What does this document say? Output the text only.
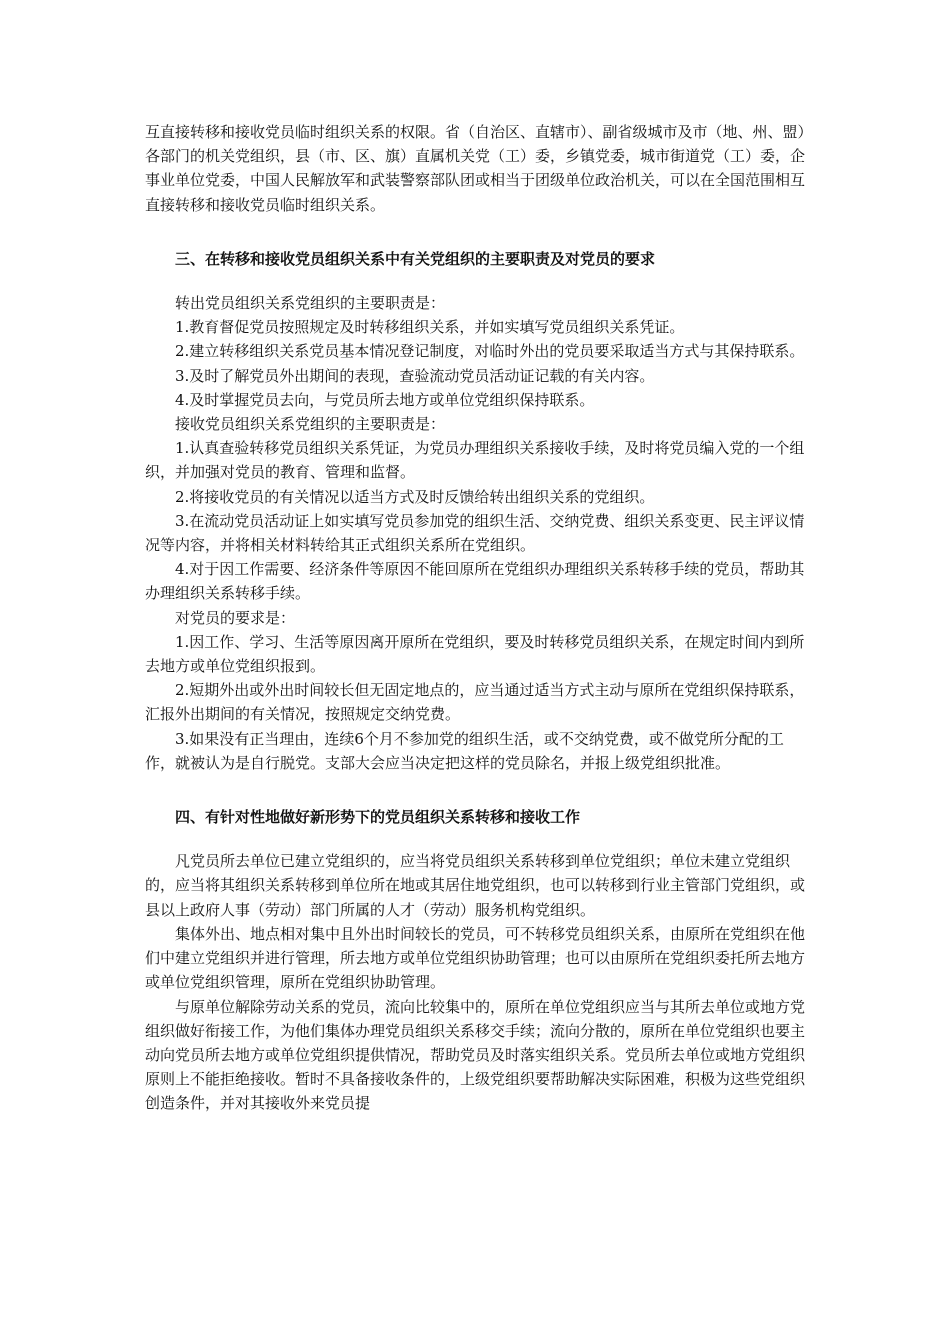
互直接转移和接收党员临时组织关系的权限。省（自治区、直辖市）、副省级城市及市（地、州、盟）各部门的机关党组织，县（市、区、旗）直属机关党（工）委，乡镇党委，城市街道党（工）委，企事业单位党委，中国人民解放军和武装警察部队团或相当于团级单位政治机关，可以在全国范围相互直接转移和接收党员临时组织关系。

三、在转移和接收党员组织关系中有关党组织的主要职责及对党员的要求

转出党员组织关系党组织的主要职责是：

1.教育督促党员按照规定及时转移组织关系，并如实填写党员组织关系凭证。

2.建立转移组织关系党员基本情况登记制度，对临时外出的党员要采取适当方式与其保持联系。

3.及时了解党员外出期间的表现，查验流动党员活动证记载的有关内容。

4.及时掌握党员去向，与党员所去地方或单位党组织保持联系。

接收党员组织关系党组织的主要职责是：

1.认真查验转移党员组织关系凭证，为党员办理组织关系接收手续，及时将党员编入党的一个组织，并加强对党员的教育、管理和监督。

2.将接收党员的有关情况以适当方式及时反馈给转出组织关系的党组织。

3.在流动党员活动证上如实填写党员参加党的组织生活、交纳党费、组织关系变更、民主评议情况等内容，并将相关材料转给其正式组织关系所在党组织。

4.对于因工作需要、经济条件等原因不能回原所在党组织办理组织关系转移手续的党员，帮助其办理组织关系转移手续。

对党员的要求是：

1.因工作、学习、生活等原因离开原所在党组织，要及时转移党员组织关系，在规定时间内到所去地方或单位党组织报到。

2.短期外出或外出时间较长但无固定地点的，应当通过适当方式主动与原所在党组织保持联系，汇报外出期间的有关情况，按照规定交纳党费。

3.如果没有正当理由，连续6个月不参加党的组织生活，或不交纳党费，或不做党所分配的工作，就被认为是自行脱党。支部大会应当决定把这样的党员除名，并报上级党组织批准。

四、有针对性地做好新形势下的党员组织关系转移和接收工作

凡党员所去单位已建立党组织的，应当将党员组织关系转移到单位党组织；单位未建立党组织的，应当将其组织关系转移到单位所在地或其居住地党组织，也可以转移到行业主管部门党组织，或县以上政府人事（劳动）部门所属的人才（劳动）服务机构党组织。

集体外出、地点相对集中且外出时间较长的党员，可不转移党员组织关系，由原所在党组织在他们中建立党组织并进行管理，所去地方或单位党组织协助管理；也可以由原所在党组织委托所去地方或单位党组织管理，原所在党组织协助管理。

与原单位解除劳动关系的党员，流向比较集中的，原所在单位党组织应当与其所去单位或地方党组织做好衔接工作，为他们集体办理党员组织关系移交手续；流向分散的，原所在单位党组织也要主动向党员所去地方或单位党组织提供情况，帮助党员及时落实组织关系。党员所去单位或地方党组织原则上不能拒绝接收。暂时不具备接收条件的，上级党组织要帮助解决实际困难，积极为这些党组织创造条件，并对其接收外来党员提
